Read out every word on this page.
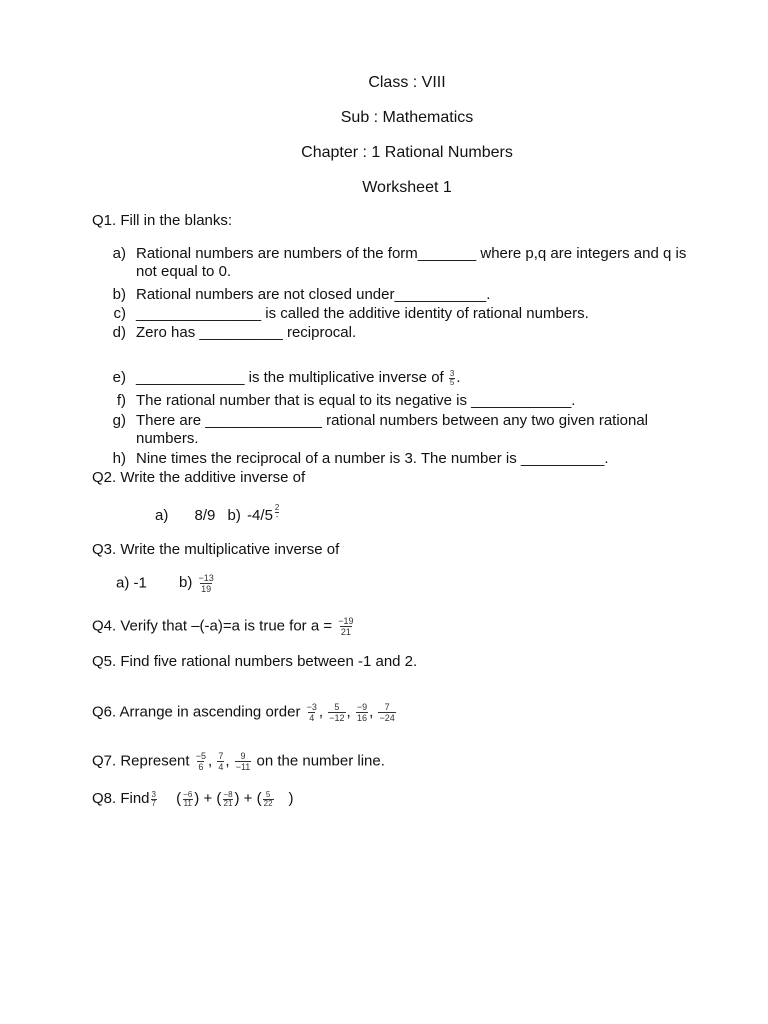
Class : VIII
Sub : Mathematics
Chapter : 1 Rational Numbers
Worksheet 1
Q1. Fill in the blanks:
a) Rational numbers are numbers of the form_______ where p,q are integers and q is
not equal to 0.
b) Rational numbers are not closed under___________.
c) _______________ is called the additive identity of rational numbers.
d) Zero has __________ reciprocal.
e) _____________ is the multiplicative inverse of $\frac{3}{5}$ .
f) The rational number that is equal to its negative is ____________.
g) There are ______________ rational numbers between any two given rational
numbers.
h) Nine times the reciprocal of a number is 3. The number is __________.
Q2. Write the additive inverse of
a) 8/9 b) $-4/5 \frac{2}{-}$
Q3. Write the multiplicative inverse of
a) -1 $b) \frac{-13}{19}$
Q4. Verify that –(-a)=a is true for $a = \frac{-19}{21}$
Q5. Find five rational numbers between -1 and 2.
Q6. Arrange in ascending order $\frac{-3}{4}$ , $\frac{5}{-12}$ , $\frac{-9}{16}$ , $\frac{7}{-24}$
Q7. Represent $\frac{-5}{6}$ , $\frac{7}{4}$ , $\frac{9}{-11}$ on the number line.
Q8. Find $\frac{3}{7}$ ( $\frac{-6}{11}$ ) + ( $\frac{-8}{21}$ ) + ( $\frac{5}{22}$ )
